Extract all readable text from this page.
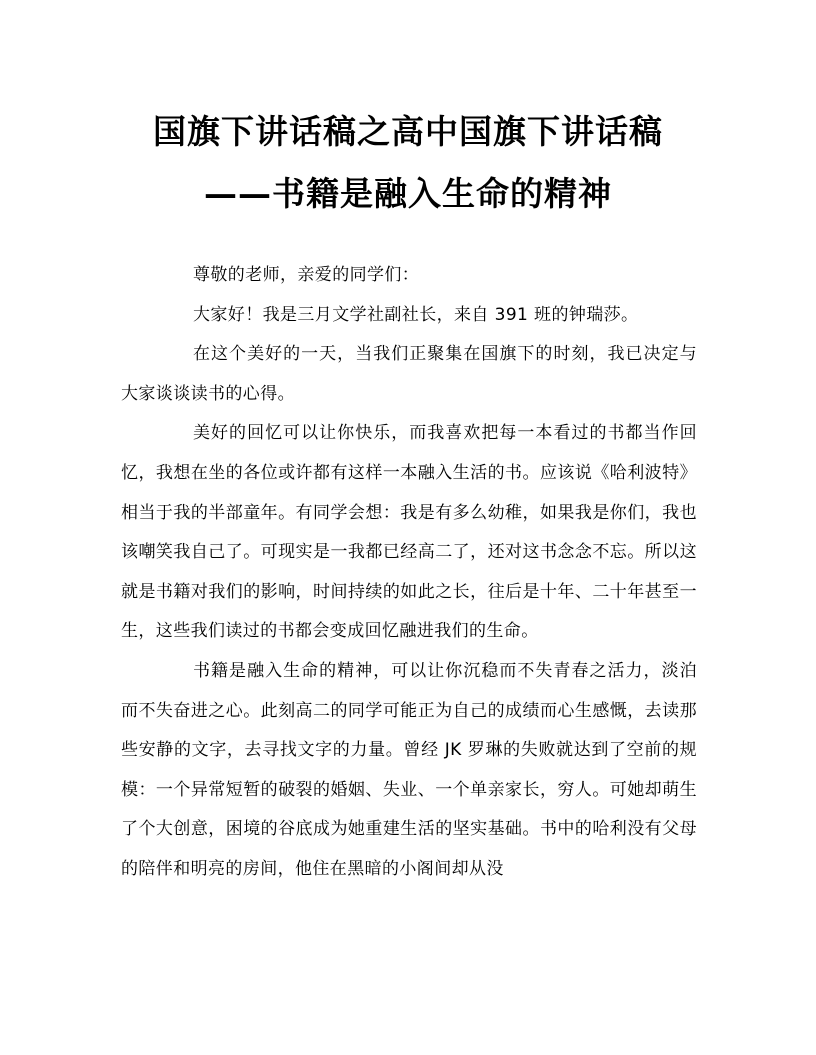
国旗下讲话稿之高中国旗下讲话稿
——书籍是融入生命的精神

尊敬的老师，亲爱的同学们：

大家好！我是三月文学社副社长，来自 391 班的钟瑞莎。

在这个美好的一天，当我们正聚集在国旗下的时刻，我已决定与大家谈谈读书的心得。

美好的回忆可以让你快乐，而我喜欢把每一本看过的书都当作回忆，我想在坐的各位或许都有这样一本融入生活的书。应该说《哈利波特》相当于我的半部童年。有同学会想：我是有多么幼稚，如果我是你们，我也该嘲笑我自己了。可现实是一我都已经高二了，还对这书念念不忘。所以这就是书籍对我们的影响，时间持续的如此之长，往后是十年、二十年甚至一生，这些我们读过的书都会变成回忆融进我们的生命。

书籍是融入生命的精神，可以让你沉稳而不失青春之活力，淡泊而不失奋进之心。此刻高二的同学可能正为自己的成绩而心生感慨，去读那些安静的文字，去寻找文字的力量。曾经 JK 罗琳的失败就达到了空前的规模：一个异常短暂的破裂的婚姻、失业、一个单亲家长，穷人。可她却萌生了个大创意，困境的谷底成为她重建生活的坚实基础。书中的哈利没有父母的陪伴和明亮的房间，他住在黑暗的小阁间却从没
